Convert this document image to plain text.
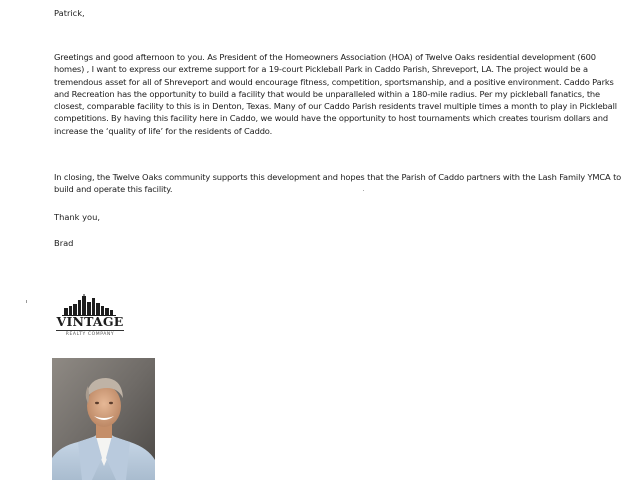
Patrick,
Greetings and good afternoon to you. As President of the Homeowners Association (HOA) of Twelve Oaks residential development (600 homes) , I want to express our extreme support for a 19-court Pickleball Park in Caddo Parish, Shreveport, LA. The project would be a tremendous asset for all of Shreveport and would encourage fitness, competition, sportsmanship, and a positive environment. Caddo Parks and Recreation has the opportunity to build a facility that would be unparalleled within a 180-mile radius. Per my pickleball fanatics, the closest, comparable facility to this is in Denton, Texas. Many of our Caddo Parish residents travel multiple times a month to play in Pickleball competitions. By having this facility here in Caddo, we would have the opportunity to host tournaments which creates tourism dollars and increase the ‘quality of life’ for the residents of Caddo.
In closing, the Twelve Oaks community supports this development and hopes that the Parish of Caddo partners with the Lash Family YMCA to build and operate this facility.
Thank you,
Brad
VINTAGE
REALTY COMPANY
